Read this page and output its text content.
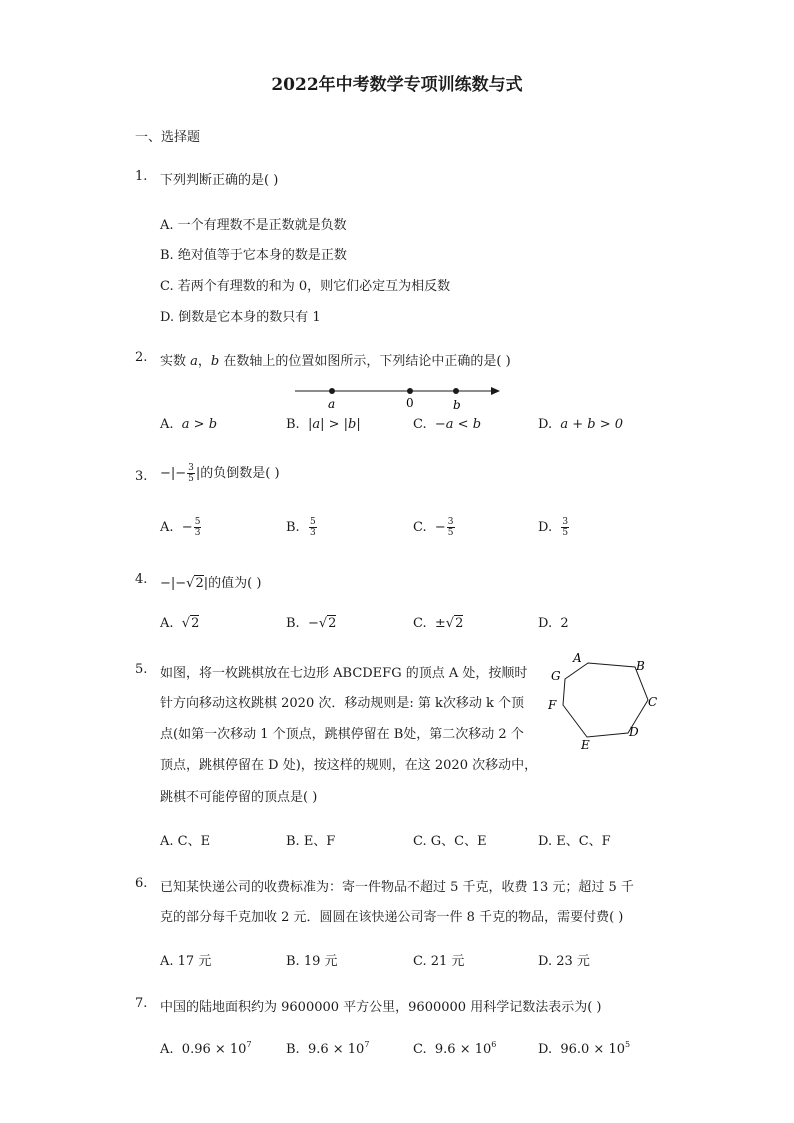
2022年中考数学专项训练数与式
一、选择题
1. 下列判断正确的是( )
A. 一个有理数不是正数就是负数
B. 绝对值等于它本身的数是正数
C. 若两个有理数的和为 0，则它们必定互为相反数
D. 倒数是它本身的数只有 1
2. 实数 a，b 在数轴上的位置如图所示，下列结论中正确的是( )
a	0	b
A. a > b	B. |a| > |b|	C. −a < b	D. a + b > 0
3. −|− $\frac{3}{5}$ |的负倒数是( )
A. − $\frac{5}{3}$	B. $\frac{5}{3}$	C. − $\frac{3}{5}$	D. $\frac{3}{5}$
4. −|−√2|的值为( )
A. √2	B. −√2	C. ±√2	D. 2
5. 如图，将一枚跳棋放在七边形 ABCDEFG 的顶点 A 处，按顺时
针方向移动这枚跳棋 2020 次．移动规则是: 第 k次移动 k 个顶
点(如第一次移动 1 个顶点，跳棋停留在 B处，第二次移动 2 个
顶点，跳棋停留在 D 处)，按这样的规则，在这 2020 次移动中，
跳棋不可能停留的顶点是( )
A
B
C
D
E
F
G
A. C、E	B. E、F	C. G、C、E	D. E、C、F
6. 已知某快递公司的收费标准为：寄一件物品不超过 5 千克，收费 13 元；超过 5 千
克的部分每千克加收 2 元．圆圆在该快递公司寄一件 8 千克的物品，需要付费( )
A. 17 元	B. 19 元	C. 21 元	D. 23 元
7. 中国的陆地面积约为 9600000 平方公里，9600000 用科学记数法表示为( )
A. $0.96 \times 10^7$	B. $9.6 \times 10^7$	C. $9.6 \times 10^6$	D. $96.0 \times 10^5$
